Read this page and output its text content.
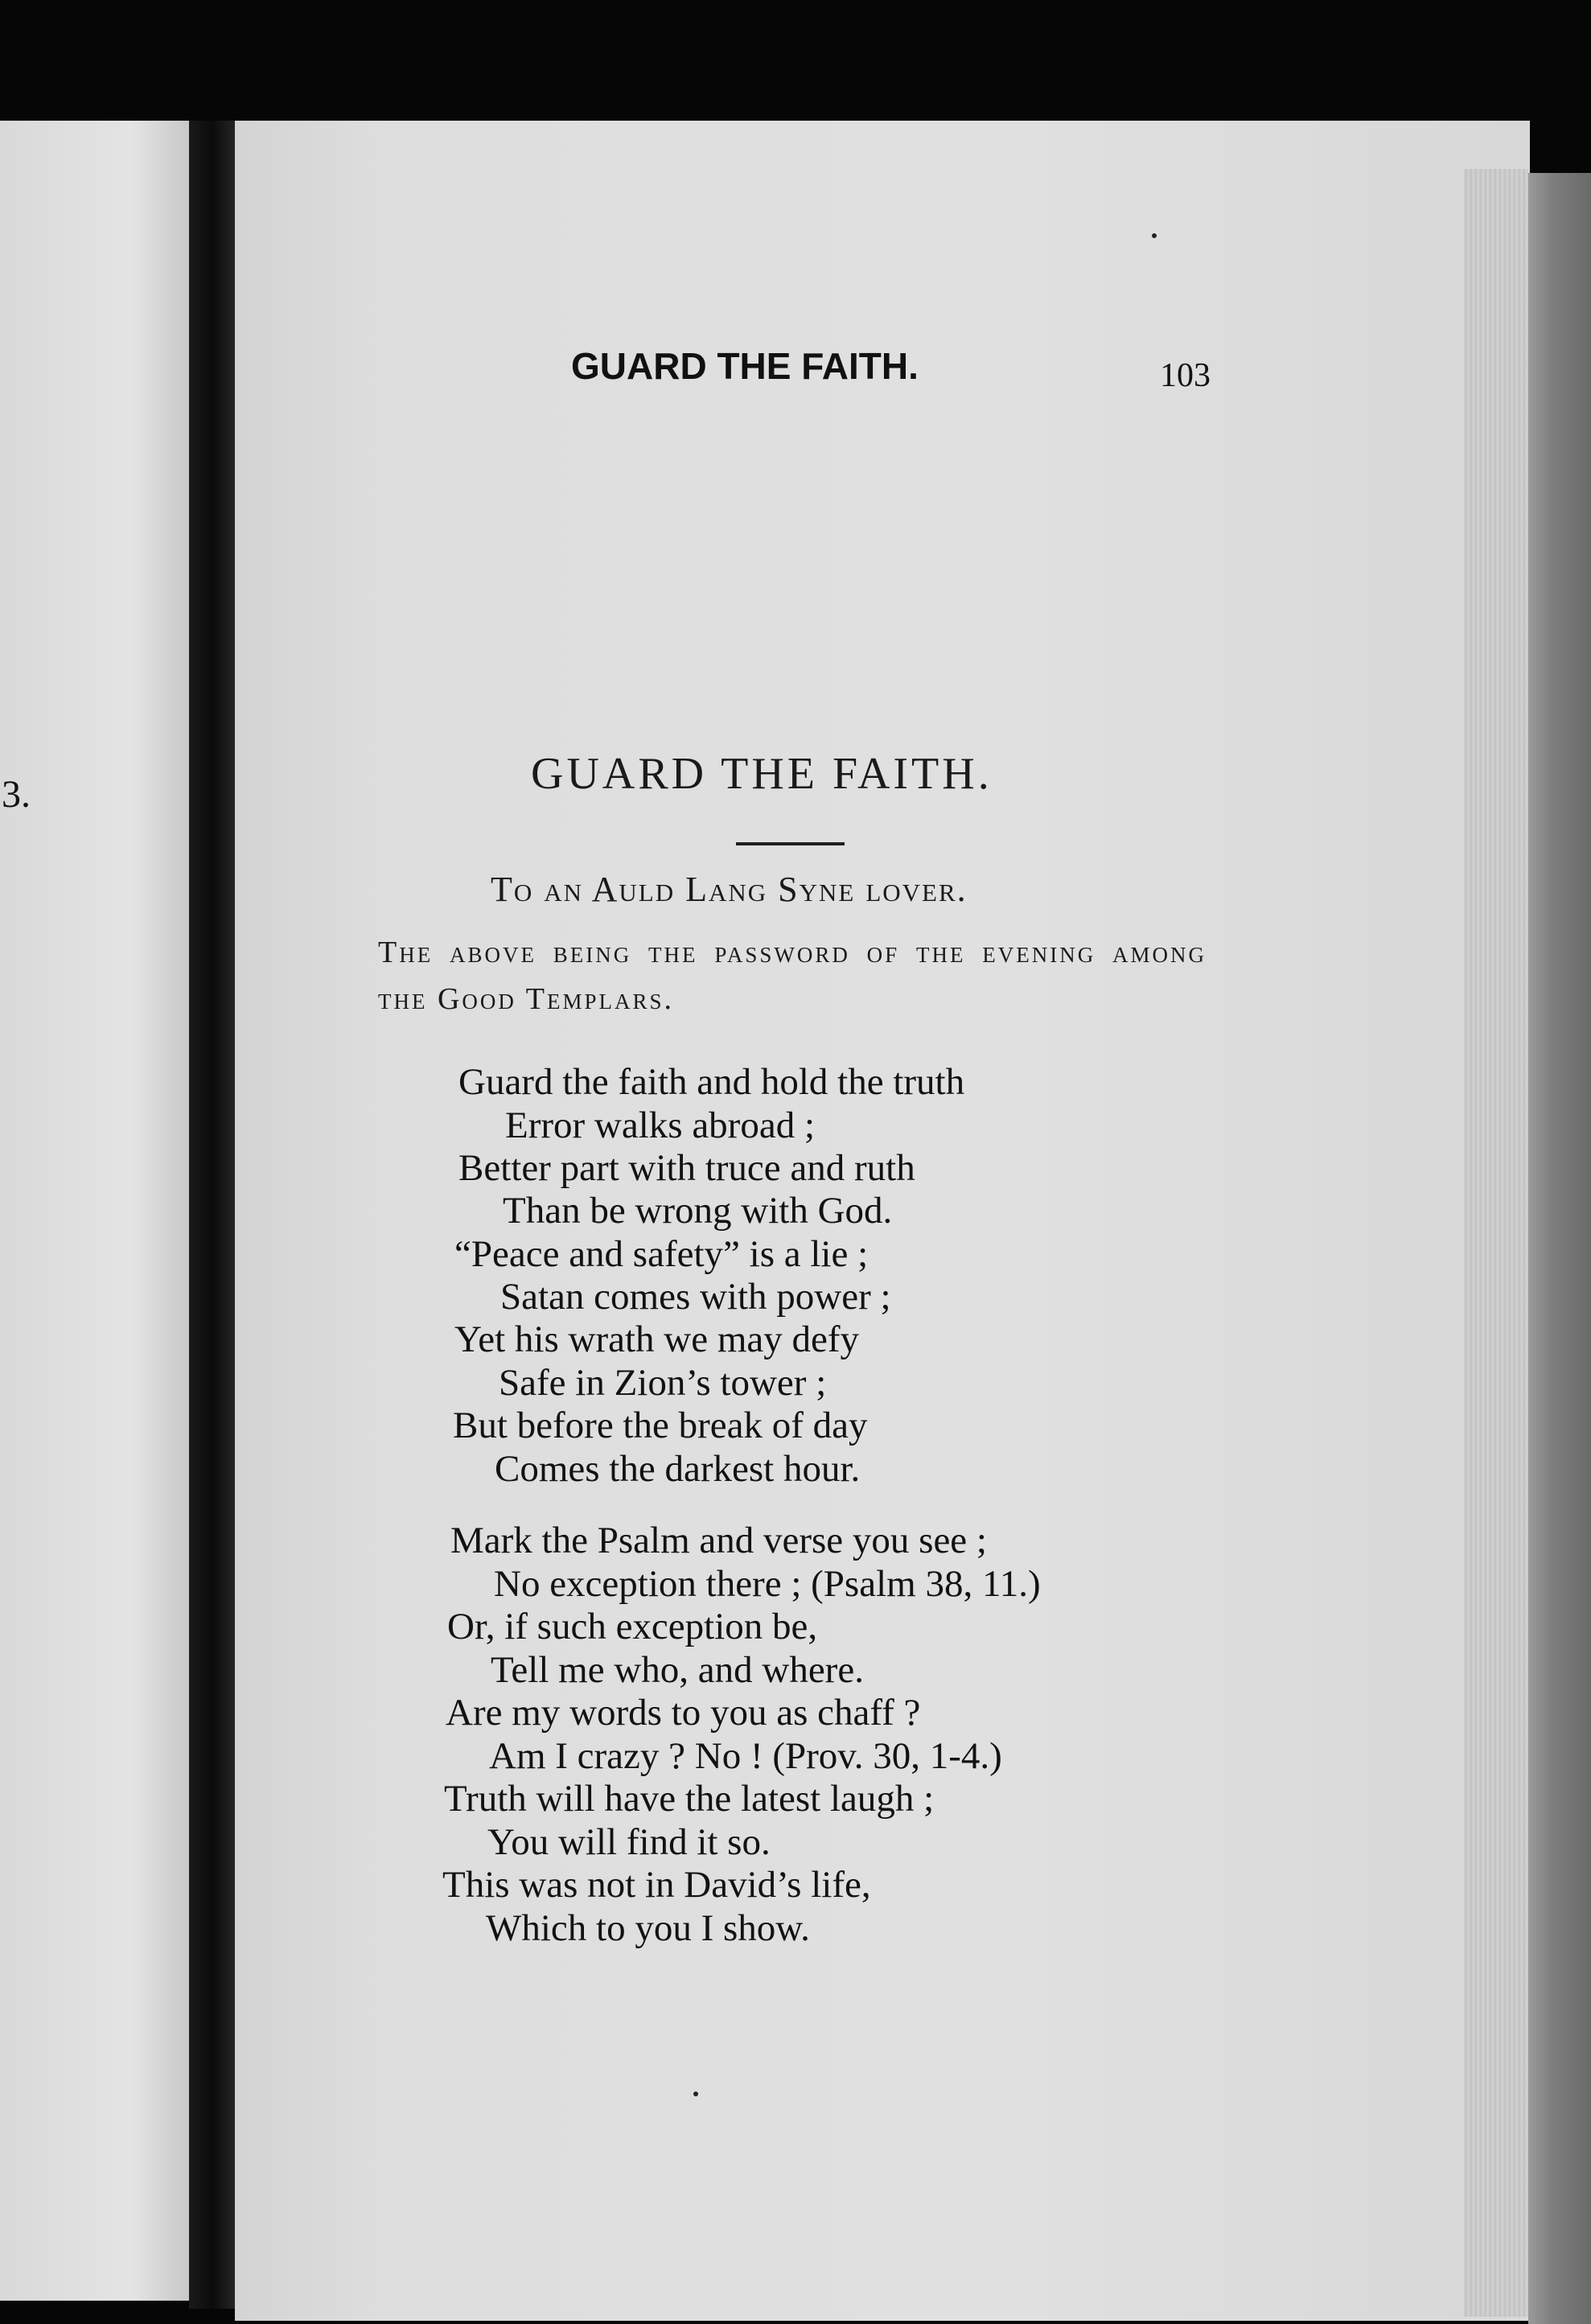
3.
GUARD THE FAITH.	103
GUARD THE FAITH.
To an Auld Lang Syne lover.
The above being the password of the evening among the Good Templars.
Guard the faith and hold the truth
Error walks abroad ;
Better part with truce and ruth
Than be wrong with God.
“Peace and safety” is a lie ;
Satan comes with power ;
Yet his wrath we may defy
Safe in Zion’s tower ;
But before the break of day
Comes the darkest hour.
Mark the Psalm and verse you see ;
No exception there ; (Psalm 38, 11.)
Or, if such exception be,
Tell me who, and where.
Are my words to you as chaff ?
Am I crazy ? No ! (Prov. 30, 1-4.)
Truth will have the latest laugh ;
You will find it so.
This was not in David’s life,
Which to you I show.
